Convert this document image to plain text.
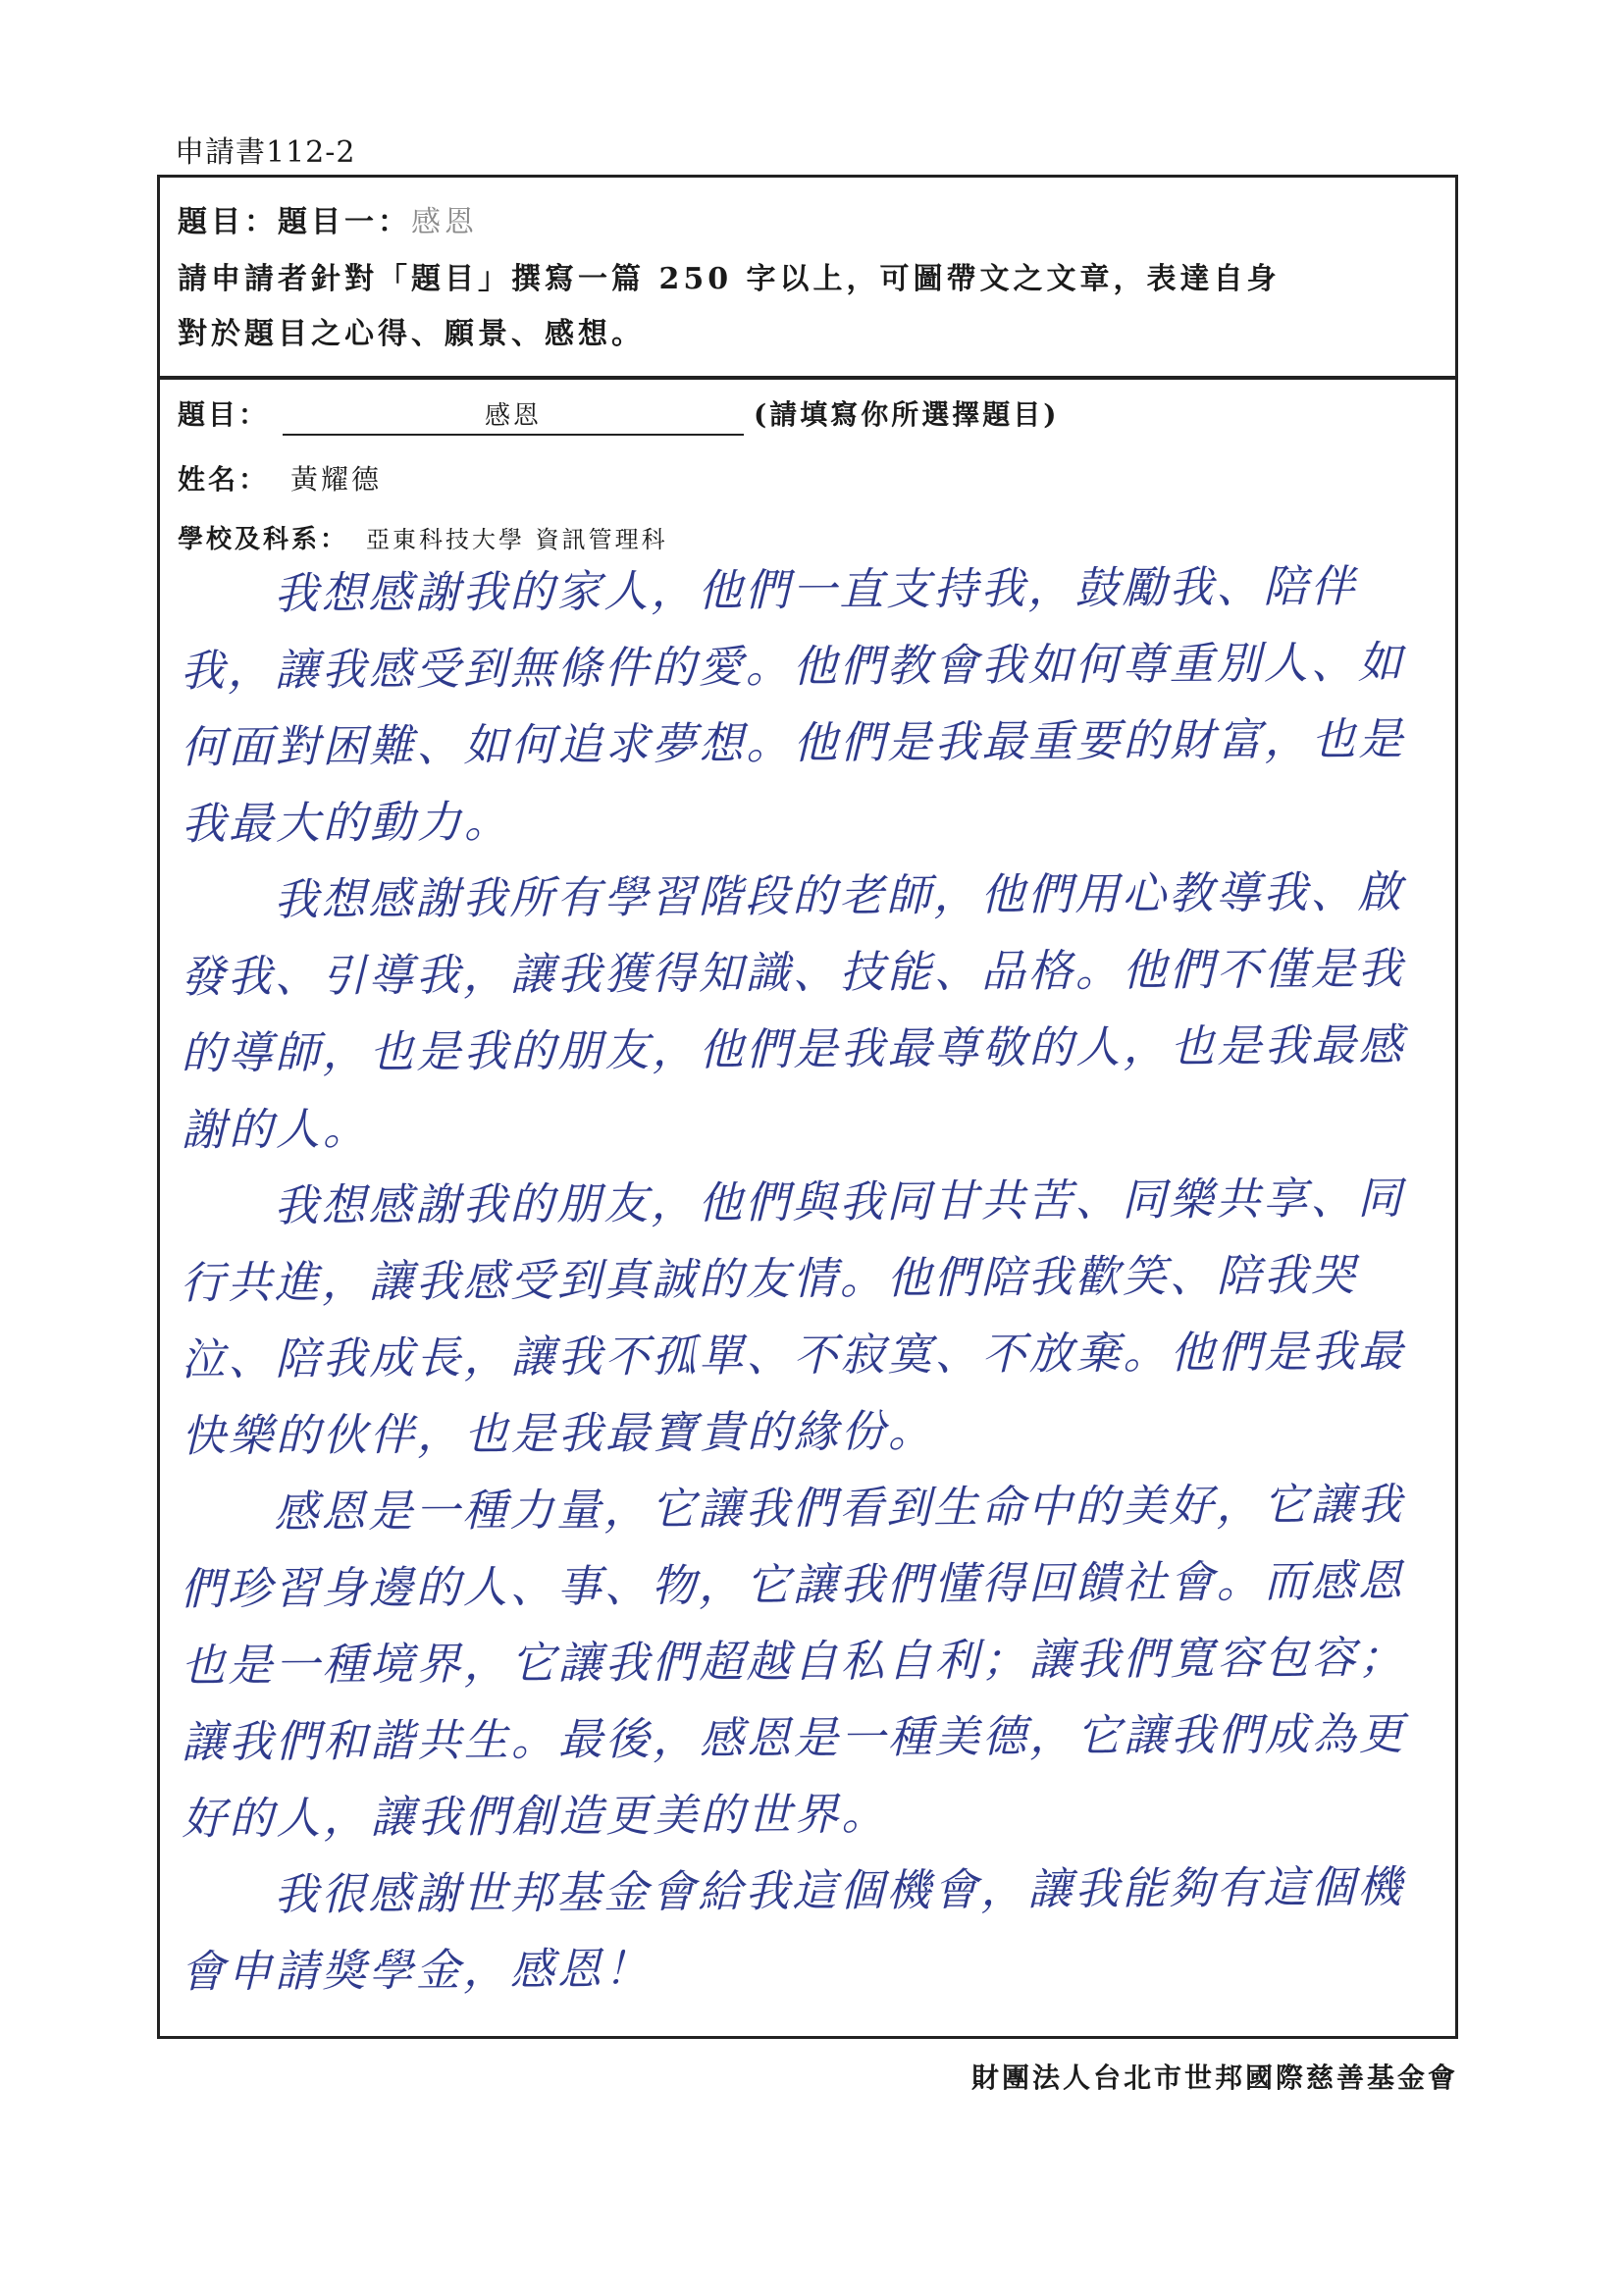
申請書112-2
題目：題目一：感恩
請申請者針對「題目」撰寫一篇 250 字以上，可圖帶文之文章，表達自身
對於題目之心得、願景、感想。
題目：	感恩	(請填寫你所選擇題目)
姓名： 黃耀德
學校及科系： 亞東科技大學 資訊管理科

我想感謝我的家人，他們一直支持我，鼓勵我、陪伴我，讓我感受到無條件的愛。他們教會我如何尊重別人、如何面對困難、如何追求夢想。他們是我最重要的財富，也是我最大的動力。

我想感謝我所有學習階段的老師，他們用心教導我、啟發我、引導我，讓我獲得知識、技能、品格。他們不僅是我的導師，也是我的朋友，他們是我最尊敬的人，也是我最感謝的人。

我想感謝我的朋友，他們與我同甘共苦、同樂共享、同行共進，讓我感受到真誠的友情。他們陪我歡笑、陪我哭泣、陪我成長，讓我不孤單、不寂寞、不放棄。他們是我最快樂的伙伴，也是我最寶貴的緣份。

感恩是一種力量，它讓我們看到生命中的美好，它讓我們珍習身邊的人、事、物，它讓我們懂得回饋社會。而感恩也是一種境界，它讓我們超越自私自利；讓我們寬容包容；讓我們和諧共生。最後，感恩是一種美德，它讓我們成為更好的人，讓我們創造更美的世界。

我很感謝世邦基金會給我這個機會，讓我能夠有這個機會申請獎學金，感恩！

財團法人台北市世邦國際慈善基金會
